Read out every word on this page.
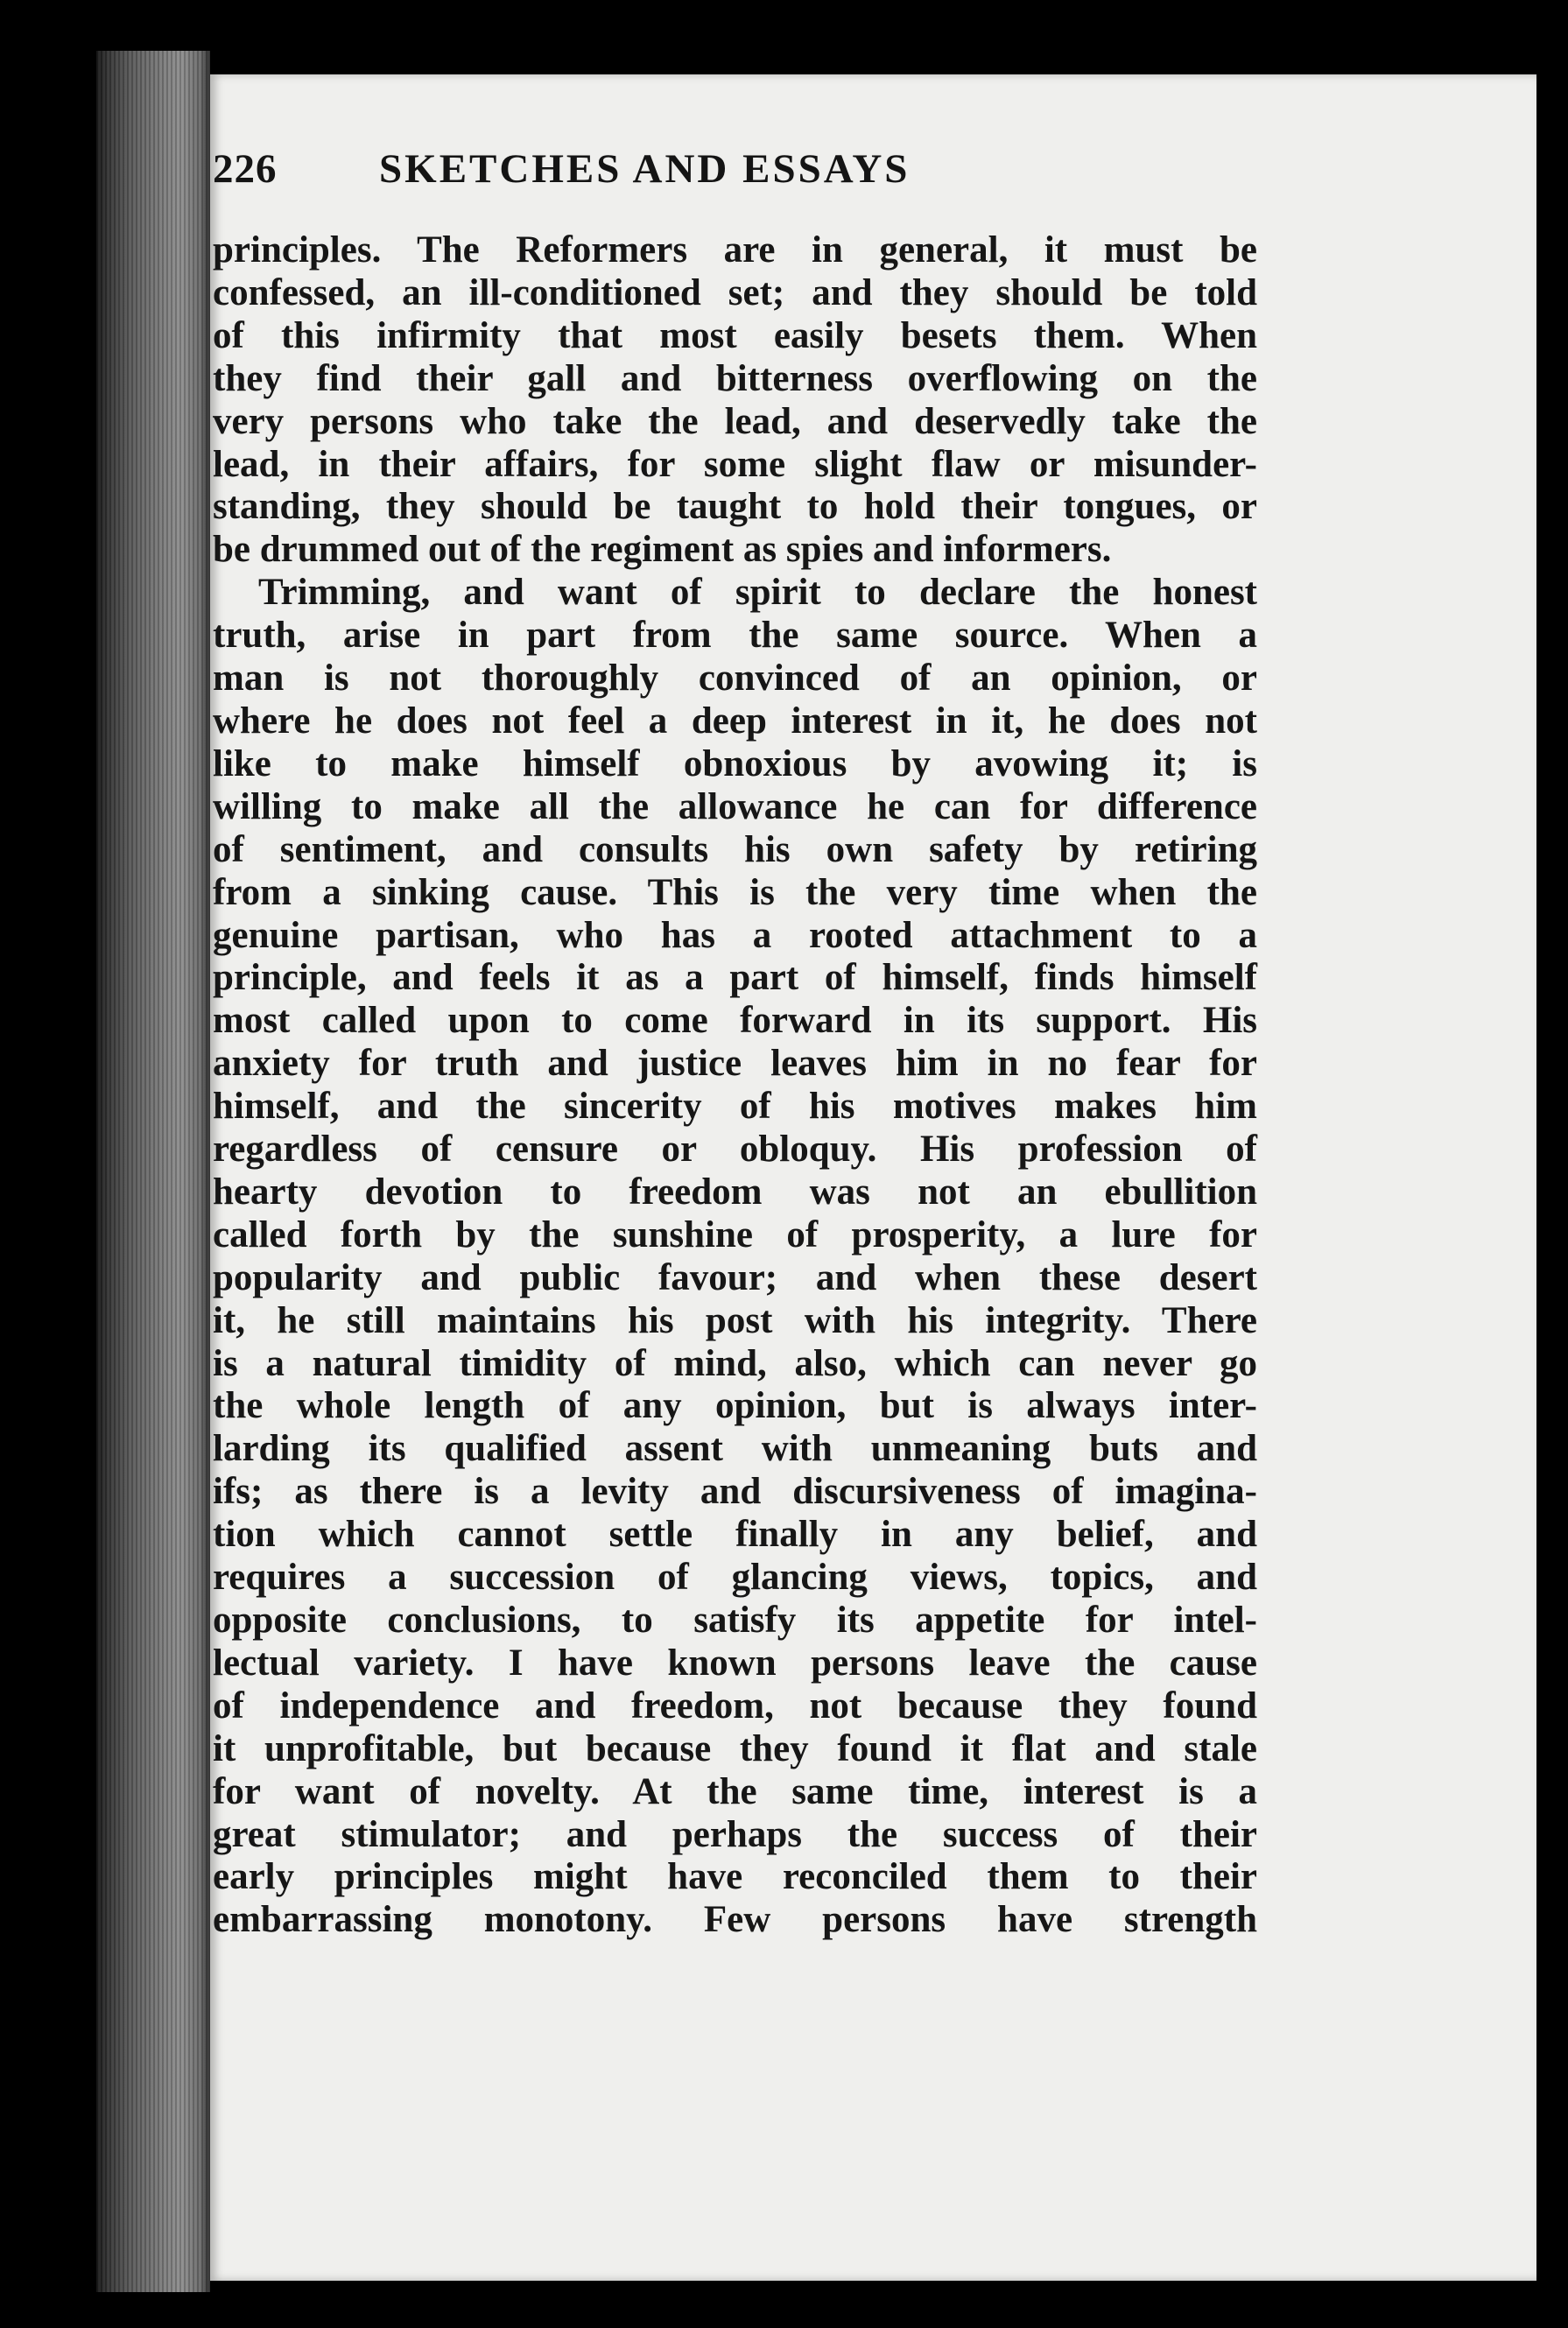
226 SKETCHES AND ESSAYS
principles. The Reformers are in general, it must be
confessed, an ill-conditioned set; and they should be told
of this infirmity that most easily besets them. When
they find their gall and bitterness overflowing on the
very persons who take the lead, and deservedly take the
lead, in their affairs, for some slight flaw or misunder-
standing, they should be taught to hold their tongues, or
be drummed out of the regiment as spies and informers.
Trimming, and want of spirit to declare the honest
truth, arise in part from the same source. When a
man is not thoroughly convinced of an opinion, or
where he does not feel a deep interest in it, he does not
like to make himself obnoxious by avowing it; is
willing to make all the allowance he can for difference
of sentiment, and consults his own safety by retiring
from a sinking cause. This is the very time when the
genuine partisan, who has a rooted attachment to a
principle, and feels it as a part of himself, finds himself
most called upon to come forward in its support. His
anxiety for truth and justice leaves him in no fear for
himself, and the sincerity of his motives makes him
regardless of censure or obloquy. His profession of
hearty devotion to freedom was not an ebullition
called forth by the sunshine of prosperity, a lure for
popularity and public favour; and when these desert
it, he still maintains his post with his integrity. There
is a natural timidity of mind, also, which can never go
the whole length of any opinion, but is always inter-
larding its qualified assent with unmeaning buts and
ifs; as there is a levity and discursiveness of imagina-
tion which cannot settle finally in any belief, and
requires a succession of glancing views, topics, and
opposite conclusions, to satisfy its appetite for intel-
lectual variety. I have known persons leave the cause
of independence and freedom, not because they found
it unprofitable, but because they found it flat and stale
for want of novelty. At the same time, interest is a
great stimulator; and perhaps the success of their
early principles might have reconciled them to their
embarrassing monotony. Few persons have strength
